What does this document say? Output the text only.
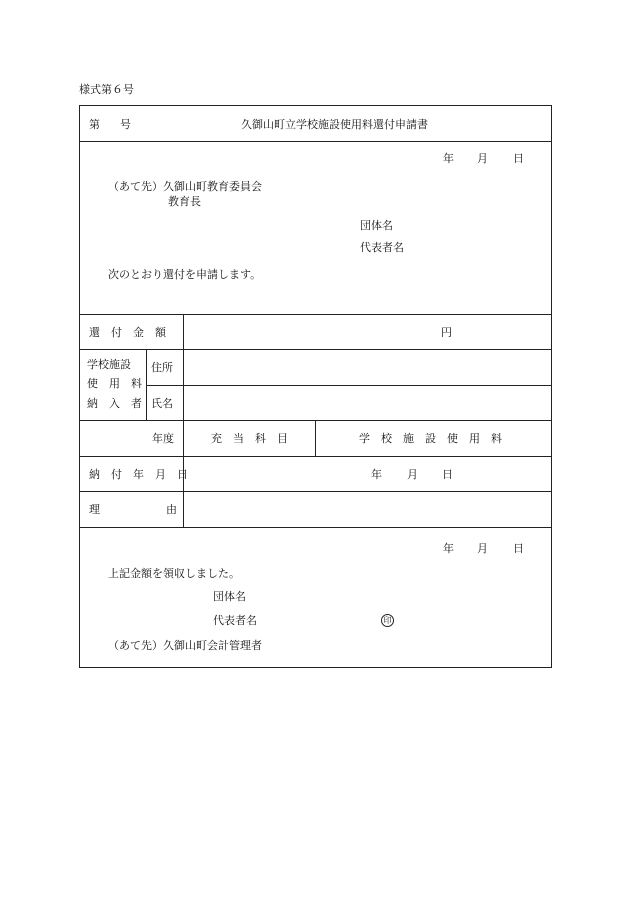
様式第６号
第 号	久御山町立学校施設使用料還付申請書
年 月 日
（あて先）久御山町教育委員会
教育長
団体名
代表者名
次のとおり還付を申請します。
還　付　金　額	円
学校施設
使　用　料
納　入　者
住所
氏名
年度	充　当　科　目	学　校　施　設　使　用　料
納　付　年　月　日	年 月 日
理	由
年 月 日
上記金額を領収しました。
団体名
代表者名	印
（あて先）久御山町会計管理者
